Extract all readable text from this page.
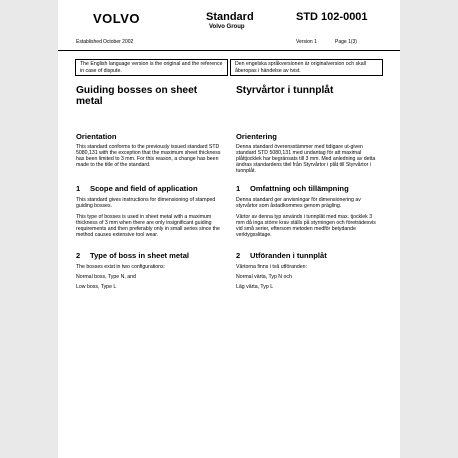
VOLVO	Standard
Volvo Group
STD 102-0001
Established October 2002	Version 1	Page 1(3)
The English language version is the original and the reference in case of dispute.
Den engelska språkversionen är originalversion och skall åberopas i händelse av tvist.
Guiding bosses on sheet metal
Orientation
This standard conforms to the previously issued standard STD 5080,131 with the exception that the maximum sheet thickness has been limited to 3 mm. For this reason, a change has been made to the title of the standard.
1 Scope and field of application
This standard gives instructions for dimensioning of stamped guiding bosses.
This type of bosses is used in sheet metal with a maximum thickness of 3 mm when there are only insignificant guiding requirements and then preferably only in small series since the method causes extensive tool wear.
2 Type of boss in sheet metal
The bosses exist in two configurations:
Normal boss, Type N, and
Low boss, Type L
Styrvårtor i tunnplåt
Orientering
Denna standard överensstämmer med tidigare ut-given standard STD 5080,131 med undantag för att maximal plåttjocklek har begränsats till 3 mm. Med anledning av detta ändras standardens titel från Styrvårtor i plåt till Styrvårtor i tunnplåt.
1 Omfattning och tillämpning
Denna standard ger anvisningar för dimensionering av styrvårtor som åstadkommes genom prägling.
Vårtor av denna typ används i tunnplåt med max. tjocklek 3 mm då inga större krav ställs på styrningen och företrädesvis vid små serier, eftersom metoden medför betydande verktygsslitage.
2 Utföranden i tunnplåt
Vårtorna finns i två utföranden:
Normal vårta, Typ N och
Låg vårta, Typ L
